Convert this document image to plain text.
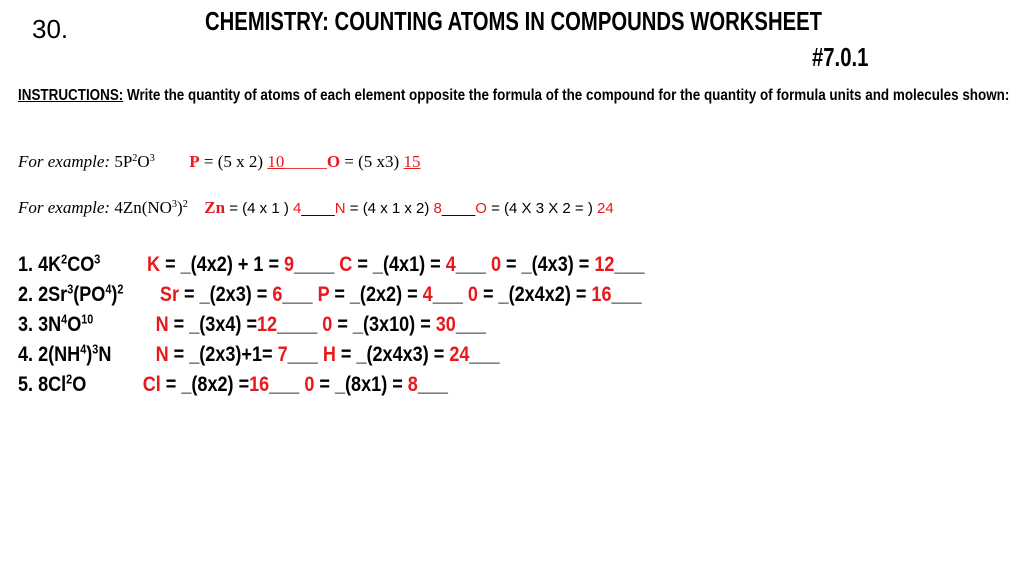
30.	CHEMISTRY: COUNTING ATOMS IN COMPOUNDS WORKSHEET
#7.0.1
INSTRUCTIONS: Write the quantity of atoms of each element opposite the formula of the compound for the quantity of formula units and molecules shown:
For example: $5P^2O^3$ P = (5 x 2) 10_____O = (5 x3) 15
For example: $4Zn(NO^3)^2$ Zn = (4 x 1 ) 4____N = (4 x 1 x 2) 8____O = (4 X 3 X 2 = ) 24
1. $4K^2CO^3$ K = _(4x2) + 1 = 9____ C = _(4x1) = 4___ 0 = _(4x3) = 12___
2. $2Sr^3(PO^4)^2$ Sr = _(2x3) = 6___ P = _(2x2) = 4___ 0 = _(2x4x2) = 16___
3. $3N^4O^{10}$	N = _(3x4) =12____ 0 = _(3x10) = 30___
4. $2(NH^4)^3N$ N = _(2x3)+1= 7___ H = _(2x4x3) = 24___
5. 8Cl$^2$O	Cl = _(8x2) =16___ 0 = _(8x1) = 8___
